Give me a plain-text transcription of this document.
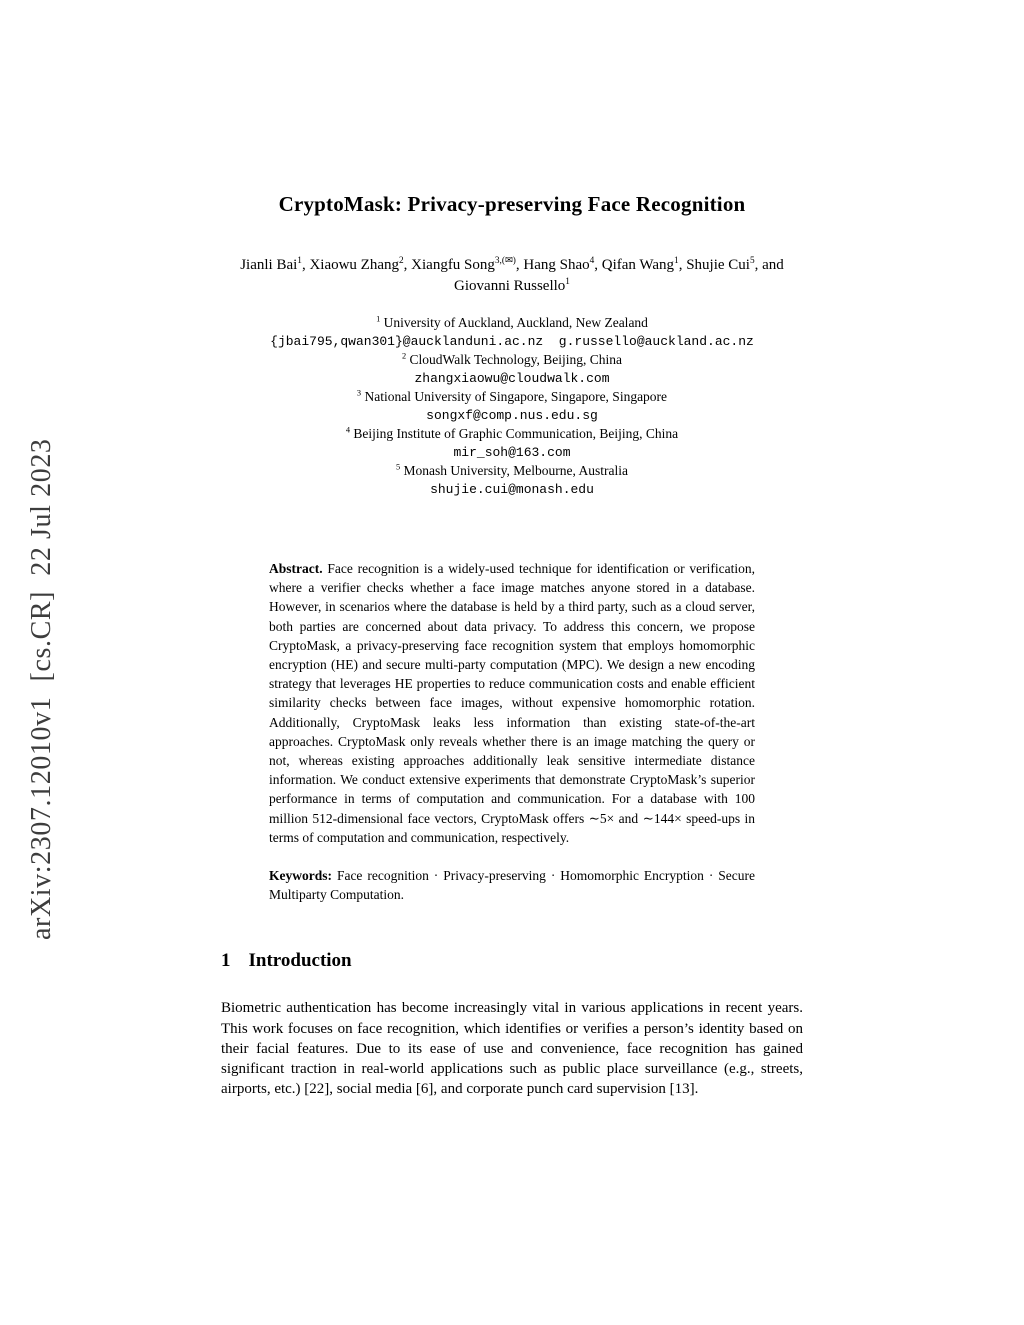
arXiv:2307.12010v1  [cs.CR]  22 Jul 2023
CryptoMask: Privacy-preserving Face Recognition
Jianli Bai$^1$, Xiaowu Zhang$^2$, Xiangfu Song$^{3,(✉)}$, Hang Shao$^4$, Qifan Wang$^1$, Shujie Cui$^5$, and Giovanni Russello$^1$
$^1$ University of Auckland, Auckland, New Zealand
{jbai795,qwan301}@aucklanduni.ac.nz  g.russello@auckland.ac.nz
$^2$ CloudWalk Technology, Beijing, China
zhangxiaowu@cloudwalk.com
$^3$ National University of Singapore, Singapore, Singapore
songxf@comp.nus.edu.sg
$^4$ Beijing Institute of Graphic Communication, Beijing, China
mir_soh@163.com
$^5$ Monash University, Melbourne, Australia
shujie.cui@monash.edu
Abstract. Face recognition is a widely-used technique for identification or verification, where a verifier checks whether a face image matches anyone stored in a database. However, in scenarios where the database is held by a third party, such as a cloud server, both parties are concerned about data privacy. To address this concern, we propose CryptoMask, a privacy-preserving face recognition system that employs homomorphic encryption (HE) and secure multi-party computation (MPC). We design a new encoding strategy that leverages HE properties to reduce communication costs and enable efficient similarity checks between face images, without expensive homomorphic rotation. Additionally, CryptoMask leaks less information than existing state-of-the-art approaches. CryptoMask only reveals whether there is an image matching the query or not, whereas existing approaches additionally leak sensitive intermediate distance information. We conduct extensive experiments that demonstrate CryptoMask’s superior performance in terms of computation and communication. For a database with 100 million 512-dimensional face vectors, CryptoMask offers ∼5× and ∼144× speed-ups in terms of computation and communication, respectively.
Keywords: Face recognition · Privacy-preserving · Homomorphic Encryption · Secure Multiparty Computation.
1 Introduction

Biometric authentication has become increasingly vital in various applications in recent years. This work focuses on face recognition, which identifies or verifies a person’s identity based on their facial features. Due to its ease of use and convenience, face recognition has gained significant traction in real-world applications such as public place surveillance (e.g., streets, airports, etc.) [22], social media [6], and corporate punch card supervision [13].
